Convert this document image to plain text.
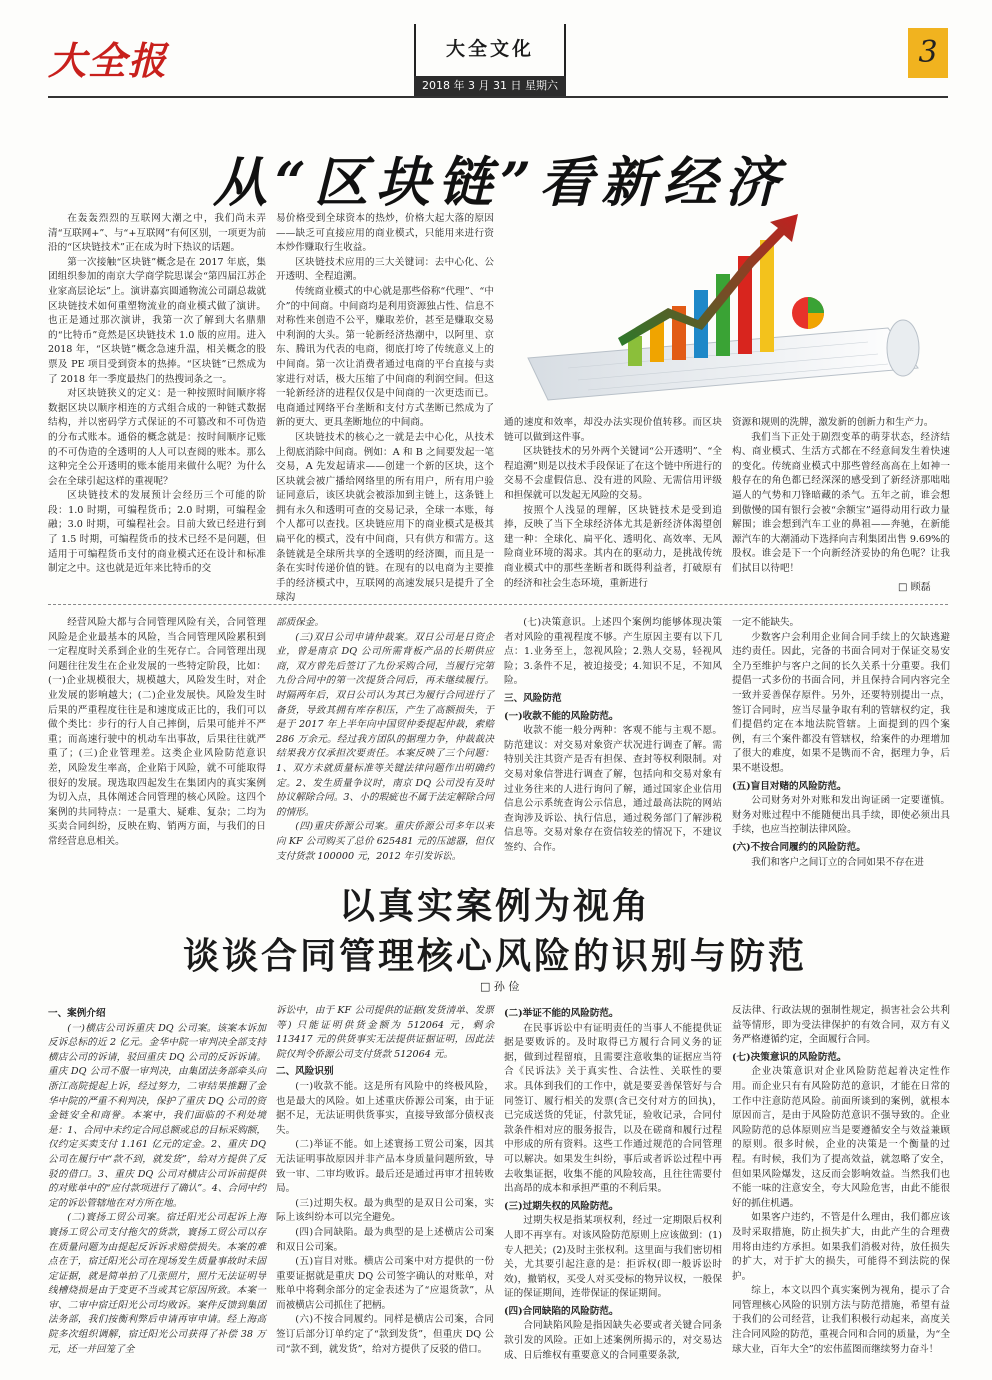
大全报	大全文化
2018 年 3 月 31 日 星期六
3
从“区块链”看新经济

在轰轰烈烈的互联网大潮之中，我们尚未弄清“互联网+”、与“+互联网”有何区别，一项更为前沿的“区块链技术”正在成为时下热议的话题。

第一次接触“区块链”概念是在 2017 年底，集团组织参加的南京大学商学院思谋会“第四届江苏企业家高层论坛”上。演讲嘉宾圆通物流公司副总裁就区块链技术如何重塑物流业的商业模式做了演讲。也正是通过那次演讲，我第一次了解到大名鼎鼎的“比特币”竟然是区块链技术 1.0 版的应用。进入 2018 年，“区块链”概念急速升温，相关概念的股票及 PE 项目受到资本的热捧。“区块链”已然成为了 2018 年一季度最热门的热搜词条之一。

对区块链狭义的定义：是一种按照时间顺序将数据区块以顺序相连的方式组合成的一种链式数据结构，并以密码学方式保证的不可篡改和不可伪造的分布式账本。通俗的概念就是：按时间顺序记账的不可伪造的全透明的人人可以查阅的账本。那么这种完全公开透明的账本能用来做什么呢？为什么会在全球引起这样的重视呢？

区块链技术的发展预计会经历三个可能的阶段：1.0 时期，可编程货币；2.0 时期，可编程金融；3.0 时期，可编程社会。目前大致已经进行到了 1.5 时期，可编程货币的技术已经不是问题，但适用于可编程货币支付的商业模式还在设计和标准制定之中。这也就是近年来比特币的交

易价格受到全球资本的热炒，价格大起大落的原因——缺乏可直接应用的商业模式，只能用来进行资本炒作赚取行生收益。

区块链技术应用的三大关键词：去中心化、公开透明、全程追溯。

传统商业模式的中心就是那些俗称“代理”、“中介”的中间商。中间商均是利用资源独占性、信息不对称性来创造不公平，赚取差价，甚至是赚取交易中利润的大头。第一轮新经济热潮中，以阿里、京东、腾讯为代表的电商，彻底打垮了传统意义上的中间商。第一次让消费者通过电商的平台直接与卖家进行对话，极大压缩了中间商的利润空间。但这一轮新经济的进程仅仅是中间商的一次更迭而已。电商通过网络平台垄断和支付方式垄断已然成为了新的更大、更具垄断地位的中间商。

区块链技术的核心之一就是去中心化，从技术上彻底消除中间商。例如：A 和 B 之间要发起一笔交易，A 先发起请求——创建一个新的区块，这个区块就会被广播给网络里的所有用户，所有用户验证同意后，该区块就会被添加到主链上，这条链上拥有永久和透明可查的交易记录，全球一本账，每个人都可以查找。区块链应用下的商业模式是极其扁平化的模式，没有中间商，只有供方和需方。这条链就是全球所共享的全透明的经济圈，而且是一条在实时传递价值的链。在现有的以电商为主要推手的经济模式中，互联网的高速发展只是提升了全球沟

通的速度和效率，却没办法实现价值转移。而区块链可以做到这件事。

区块链技术的另外两个关键词“公开透明”、“全程追溯”则是以技术手段保证了在这个链中所进行的交易不会虚假信息、没有进的风险、无需信用评级和担保就可以发起无风险的交易。

按照个人浅显的理解，区块链技术是受到追捧，反映了当下全球经济体尤其是新经济体渴望创建一种：全球化、扁平化、透明化、高效率、无风险商业环境的渴求。其内在的驱动力，是挑战传统商业模式中的那些垄断者和既得利益者，打破原有的经济和社会生态环境，重新进行

资源和规则的洗牌，激发新的创新力和生产力。

我们当下正处于剧烈变革的萌芽状态，经济结构、商业模式、生活方式都在不经意间发生着快速的变化。传统商业模式中那些曾经高高在上如神一般存在的角色都已经深深的感受到了新经济那咄咄逼人的气势和刀锋暗藏的杀气。五年之前，谁会想到傲慢的国有银行会被“余额宝”逼得动用行政力量解围；谁会想到汽车工业的鼻祖——奔驰，在新能源汽车的大潮涌动下选择向吉利集团出售 9.69%的股权。谁会是下一个向新经济妥协的角色呢？让我们拭目以待吧！

□ 顾磊

经营风险大都与合同管理风险有关，合同管理风险是企业最基本的风险，当合同管理风险累积到一定程度时关系到企业的生死存亡。合同管理出现问题往往发生在企业发展的一些特定阶段，比如：(一)企业规模很大，规模越大，风险发生时，对企业发展的影响越大；(二)企业发展快。风险发生时后果的严重程度往往是和速度成正比的，我们可以做个类比：步行的行人自己摔倒，后果可能并不严重；而高速行驶中的机动车出事故，后果往往就严重了；(三)企业管理差。这类企业风险防范意识差，风险发生率高，企业陷于风险，就不可能取得很好的发展。现选取四起发生在集团内的真实案例为切入点，具体阐述合同管理的核心风险。这四个案例的共同特点：一是重大、疑难、复杂；二均为买卖合同纠纷，反映在购、销两方面，与我们的日常经营息息相关。

部质保金。

(三)双日公司申请仲裁案。双日公司是日资企业，曾是南京 DQ 公司所需背板产品的长期供应商，双方曾先后签订了九份采购合同，当履行完第九份合同中的第一次提货合同后，再未继续履行。时隔两年后，双日公司认为其已为履行合同进行了备货，导致其拥有库存积压，产生了高额损失，于是于 2017 年上半年向中国贸仲委提起仲裁，索赔 286 万余元。经过我方团队的据理力争，仲裁裁决结果我方仅承担次要责任。本案反映了三个问题：1、双方未就质量标准等关键法律问题作出明确约定。2、发生质量争议时，南京 DQ 公司没有及时协议解除合同。3、小的瑕疵也不属于法定解除合同的情形。

(四)重庆侨源公司案。重庆侨源公司多年以来向 KF 公司购买了总价 625481 元的压滤器，但仅支付货款 100000 元，2012 年引发诉讼。

(七)决策意识。上述四个案例均能够体现决策者对风险的重视程度不够。产生原因主要有以下几点：1.业务至上，忽视风险；2.熟人交易，轻视风险；3.条件不足，被迫接受；4.知识不足，不知风险。

三、风险防范

(一)收款不能的风险防范。

收款不能一般分两种：客观不能与主观不愿。防范建议：对交易对象资产状况进行调查了解。需特别关注其资产是否有担保、查封等权利限制。对交易对象信誉进行调查了解，包括向和交易对象有过业务往来的人进行询问了解，通过国家企业信用信息公示系统查询公示信息，通过最高法院的网站查询涉及诉讼、执行信息，通过税务部门了解涉税信息等。交易对象存在资信较差的情况下，不建议签约、合作。

一定不能缺失。

少数客户会利用企业间合同手续上的欠缺逃避违约责任。因此，完备的书面合同对于保证交易安全乃至维护与客户之间的长久关系十分重要。我们提倡一式多份的书面合同，并且保持合同内容完全一致并妥善保存原件。另外，还要特别提出一点，签订合同时，应当尽量争取有利的管辖权约定，我们提倡约定在本地法院管辖。上面提到的四个案例，有三个案件都没有管辖权，给案件的办理增加了很大的难度，如果不是镌而不舍，据理力争，后果不堪设想。

(五)盲目对赌的风险防范。

公司财务对外对账和发出询证函一定要谨慎。财务对账过程中不能随便出具手续，即使必须出具手续，也应当控制法律风险。

(六)不按合同履约的风险防范。

我们和客户之间订立的合同如果不存在进

以真实案例为视角
谈谈合同管理核心风险的识别与防范
□ 孙 俭

一、案例介绍

(一)横店公司诉重庆 DQ 公司案。该案本诉加反诉总标的近 2 亿元。金华中院一审判决全部支持横店公司的诉请，驳回重庆 DQ 公司的反诉诉请。重庆 DQ 公司不服一审判决，由集团法务部牵头向浙江高院提起上诉，经过努力，二审结果推翻了金华中院的严重不利判决，保护了重庆 DQ 公司的资金链安全和商誉。本案中，我们面临的不利处境是：1、合同中未约定合同总额或总的目标采购额，仅约定买卖支付 1.161 亿元的定金。2、重庆 DQ 公司在履行中“款不到，就发货”，给对方提供了反驳的借口。3、重庆 DQ 公司对横店公司诉前提供的对账单中的“应付款项进行了确认”。4、合同中约定的诉讼管辖地在对方所在地。

(二)寰扬工贸公司案。宿迁阳光公司起诉上海寰扬工贸公司支付拖欠的货款，寰扬工贸公司以存在质量问题为由提起反诉诉求赔偿损失。本案的难点在于，宿迁阳光公司在现场发生质量事故时未固定证据，就是简单拍了几张照片，照片无法证明导线槽烧损是由于变更不当或其它原因所致。本案一审、二审中宿迁阳光公司均败诉。案件反馈到集团法务部，我们按衡利弊后申请再审申请。经上海高院多次组织调解，宿迁阳光公司获得了补偿 38 万元，还一并回笼了全

诉讼中，由于 KF 公司提供的证据(发货清单、发票等) 只能证明供货金额为 512064 元，剩余 113417 元的供货事实无法提供证据证明，因此法院仅判令侨源公司支付货款 512064 元。

二、风险识别

(一)收款不能。这是所有风险中的终极风险，也是最大的风险。如上述重庆侨源公司案，由于证据不足，无法证明供货事实，直接导致部分债权丧失。

(二)举证不能。如上述寰扬工贸公司案，因其无法证明事故原因并非产品本身质量问题所致，导致一审、二审均败诉。最后还是通过再审才扭转败局。

(三)过期失权。最为典型的是双日公司案，实际上该纠纷本可以完全避免。

(四)合同缺陷。最为典型的是上述横店公司案和双日公司案。

(五)盲目对账。横店公司案中对方提供的一份重要证据就是重庆 DQ 公司签字确认的对账单，对账单中将剩余部分的定金表述为了“应退货款”，从而被横店公司抓住了把柄。

(六)不按合同履约。同样是横店公司案，合同签订后部分订单约定了“款到发货”，但重庆 DQ 公司“款不到，就发货”，给对方提供了反驳的借口。

(二)举证不能的风险防范。

在民事诉讼中有证明责任的当事人不能提供证据是要败诉的。及时取得已方履行合同义务的证据，做到过程留痕，且需要注意收集的证据应当符合《民诉法》关于真实性、合法性、关联性的要求。具体到我们的工作中，就是要妥善保管好与合同签订、履行相关的发票(含已交付对方的回执)，已完成送货的凭证，付款凭证，验收记录，合同付款条件相对应的服务报告，以及在磋商和履行过程中形成的所有资料。这些工作通过规范的合同管理可以解决。如果发生纠纷，事后或者诉讼过程中再去收集证据，收集不能的风险较高，且往往需要付出高昂的成本和承担严重的不利后果。

(三)过期失权的风险防范。

过期失权是指某项权利，经过一定期限后权利人即不再享有。对该风险防范原则上应该做到：(1)专人把关；(2)及时主张权利。这里面与我们密切相关，尤其要引起注意的是：拒诉权(即一般诉讼时效)，撤销权，买受人对买受标的物异议权，一般保证的保证期间，连带保证的保证期间。

(四)合同缺陷的风险防范。

合同缺陷风险是指因缺失必要或者关键合同条款引发的风险。正如上述案例所揭示的，对交易达成、日后维权有重要意义的合同重要条款,

反法律、行政法规的强制性规定，损害社会公共利益等情形，即为受法律保护的有效合同，双方有义务严格遵循约定，全面履行合同。

(七)决策意识的风险防范。

企业决策意识对企业风险防范起着决定性作用。而企业只有有风险防范的意识，才能在日常的工作中注意防范风险。前面所谈到的案例，就根本原因而言，是由于风险防范意识不强导致的。企业风险防范的总体原则应当是要遵循安全与效益兼顾的原则。很多时候，企业的决策是一个衡量的过程。有时候，我们为了提高效益，就忽略了安全，但如果风险爆发，这反而会影响效益。当然我们也不能一味的注意安全，夸大风险危害，由此不能很好的抓住机遇。

如果客户违约，不管是什么理由，我们都应该及时采取措施，防止损失扩大，由此产生的合理费用将由违约方承担。如果我们消极对待，放任损失的扩大，对于扩大的损失，可能得不到法院的保护。

综上，本文以四个真实案例为视角，提示了合同管理核心风险的识别方法与防范措施，希望有益于我们的公司经营，让我们积极行动起来，高度关注合同风险的防范，重视合同和合同的质量，为“全球大业，百年大全”的宏伟蓝图而继续努力奋斗！
